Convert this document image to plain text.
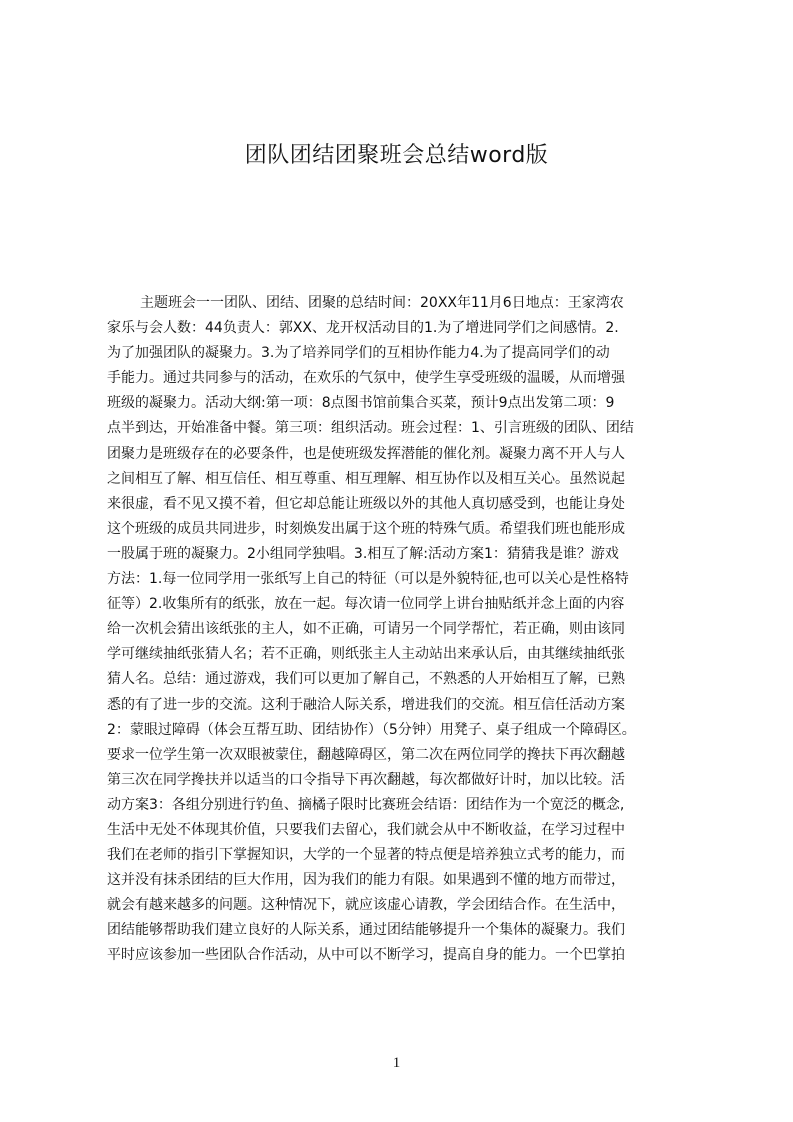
团队团结团聚班会总结word版
主题班会一一团队、团结、团聚的总结时间：20XX年11月6日地点：王家湾农
家乐与会人数：44负责人：郭XX、龙开权活动目的1.为了增进同学们之间感情。2.
为了加强团队的凝聚力。3.为了培养同学们的互相协作能力4.为了提高同学们的动
手能力。通过共同参与的活动，在欢乐的气氛中，使学生享受班级的温暖，从而增强
班级的凝聚力。活动大纲:第一项：8点图书馆前集合买菜，预计9点出发第二项：9
点半到达，开始准备中餐。第三项：组织活动。班会过程：1、引言班级的团队、团结
团聚力是班级存在的必要条件，也是使班级发挥潜能的催化剂。凝聚力离不开人与人
之间相互了解、相互信任、相互尊重、相互理解、相互协作以及相互关心。虽然说起
来很虚，看不见又摸不着，但它却总能让班级以外的其他人真切感受到，也能让身处
这个班级的成员共同进步，时刻焕发出属于这个班的特殊气质。希望我们班也能形成
一股属于班的凝聚力。2小组同学独唱。3.相互了解:活动方案1：猜猜我是谁？游戏
方法：1.每一位同学用一张纸写上自己的特征（可以是外貌特征,也可以关心是性格特
征等）2.收集所有的纸张，放在一起。每次请一位同学上讲台抽贴纸并念上面的内容
给一次机会猜出该纸张的主人，如不正确，可请另一个同学帮忙，若正确，则由该同
学可继续抽纸张猜人名；若不正确，则纸张主人主动站出来承认后，由其继续抽纸张
猜人名。总结：通过游戏，我们可以更加了解自己，不熟悉的人开始相互了解，已熟
悉的有了进一步的交流。这利于融洽人际关系，增进我们的交流。相互信任活动方案
2：蒙眼过障碍（体会互帮互助、团结协作）（5分钟）用凳子、桌子组成一个障碍区。
要求一位学生第一次双眼被蒙住，翻越障碍区，第二次在两位同学的搀扶下再次翻越
第三次在同学搀扶并以适当的口令指导下再次翻越，每次都做好计时，加以比较。活
动方案3：各组分别进行钓鱼、摘橘子限时比赛班会结语：团结作为一个宽泛的概念,
生活中无处不体现其价值，只要我们去留心，我们就会从中不断收益，在学习过程中
我们在老师的指引下掌握知识，大学的一个显著的特点便是培养独立式考的能力，而
这并没有抹杀团结的巨大作用，因为我们的能力有限。如果遇到不懂的地方而带过，
就会有越来越多的问题。这种情况下，就应该虚心请教，学会团结合作。在生活中，
团结能够帮助我们建立良好的人际关系，通过团结能够提升一个集体的凝聚力。我们
平时应该参加一些团队合作活动，从中可以不断学习，提高自身的能力。一个巴掌拍
1
